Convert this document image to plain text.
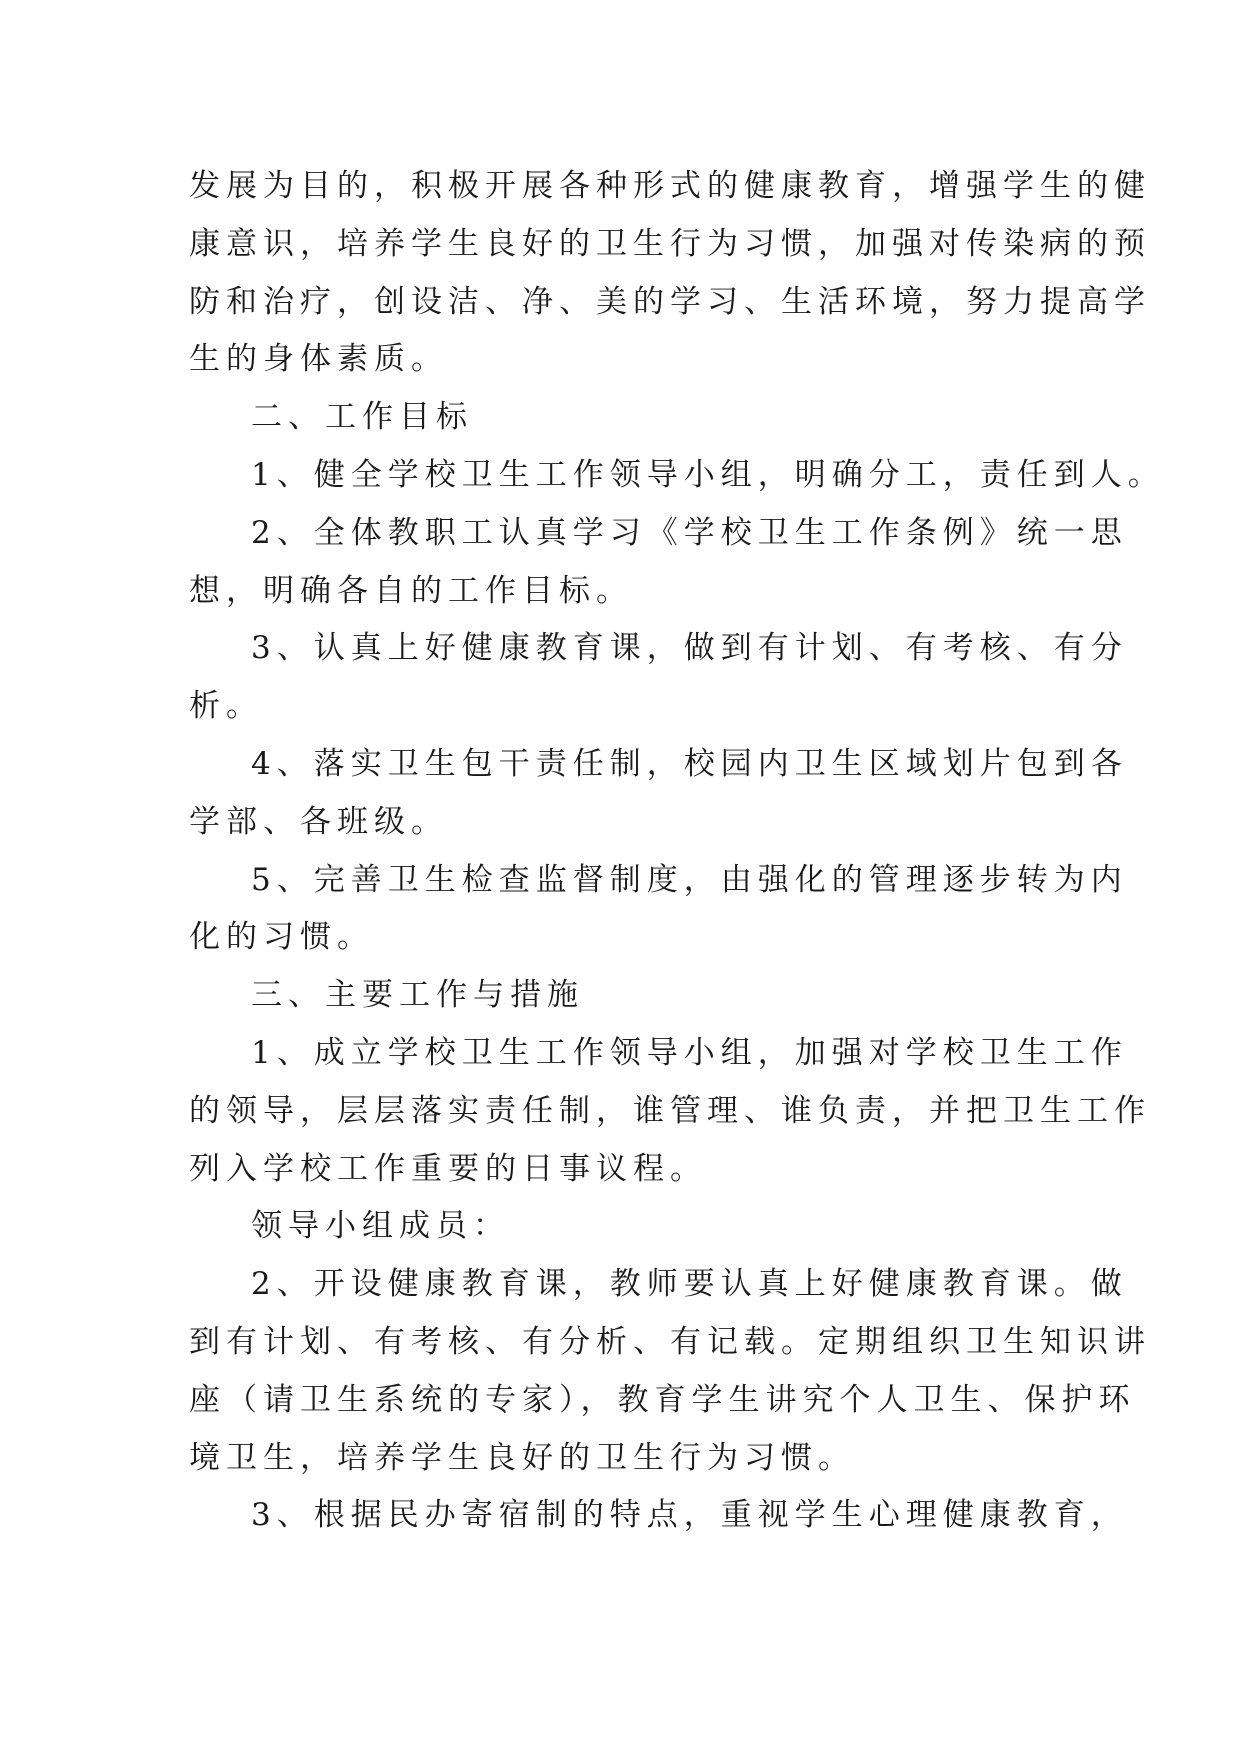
发展为目的，积极开展各种形式的健康教育，增强学生的健
康意识，培养学生良好的卫生行为习惯，加强对传染病的预
防和治疗，创设洁、净、美的学习、生活环境，努力提高学
生的身体素质。
二、工作目标
1、健全学校卫生工作领导小组，明确分工，责任到人。
2、全体教职工认真学习《学校卫生工作条例》统一思
想，明确各自的工作目标。
3、认真上好健康教育课，做到有计划、有考核、有分
析。
4、落实卫生包干责任制，校园内卫生区域划片包到各
学部、各班级。
5、完善卫生检查监督制度，由强化的管理逐步转为内
化的习惯。
三、主要工作与措施
1、成立学校卫生工作领导小组，加强对学校卫生工作
的领导，层层落实责任制，谁管理、谁负责，并把卫生工作
列入学校工作重要的日事议程。
领导小组成员：
2、开设健康教育课，教师要认真上好健康教育课。做
到有计划、有考核、有分析、有记载。定期组织卫生知识讲
座（请卫生系统的专家），教育学生讲究个人卫生、保护环
境卫生，培养学生良好的卫生行为习惯。
3、根据民办寄宿制的特点，重视学生心理健康教育，
